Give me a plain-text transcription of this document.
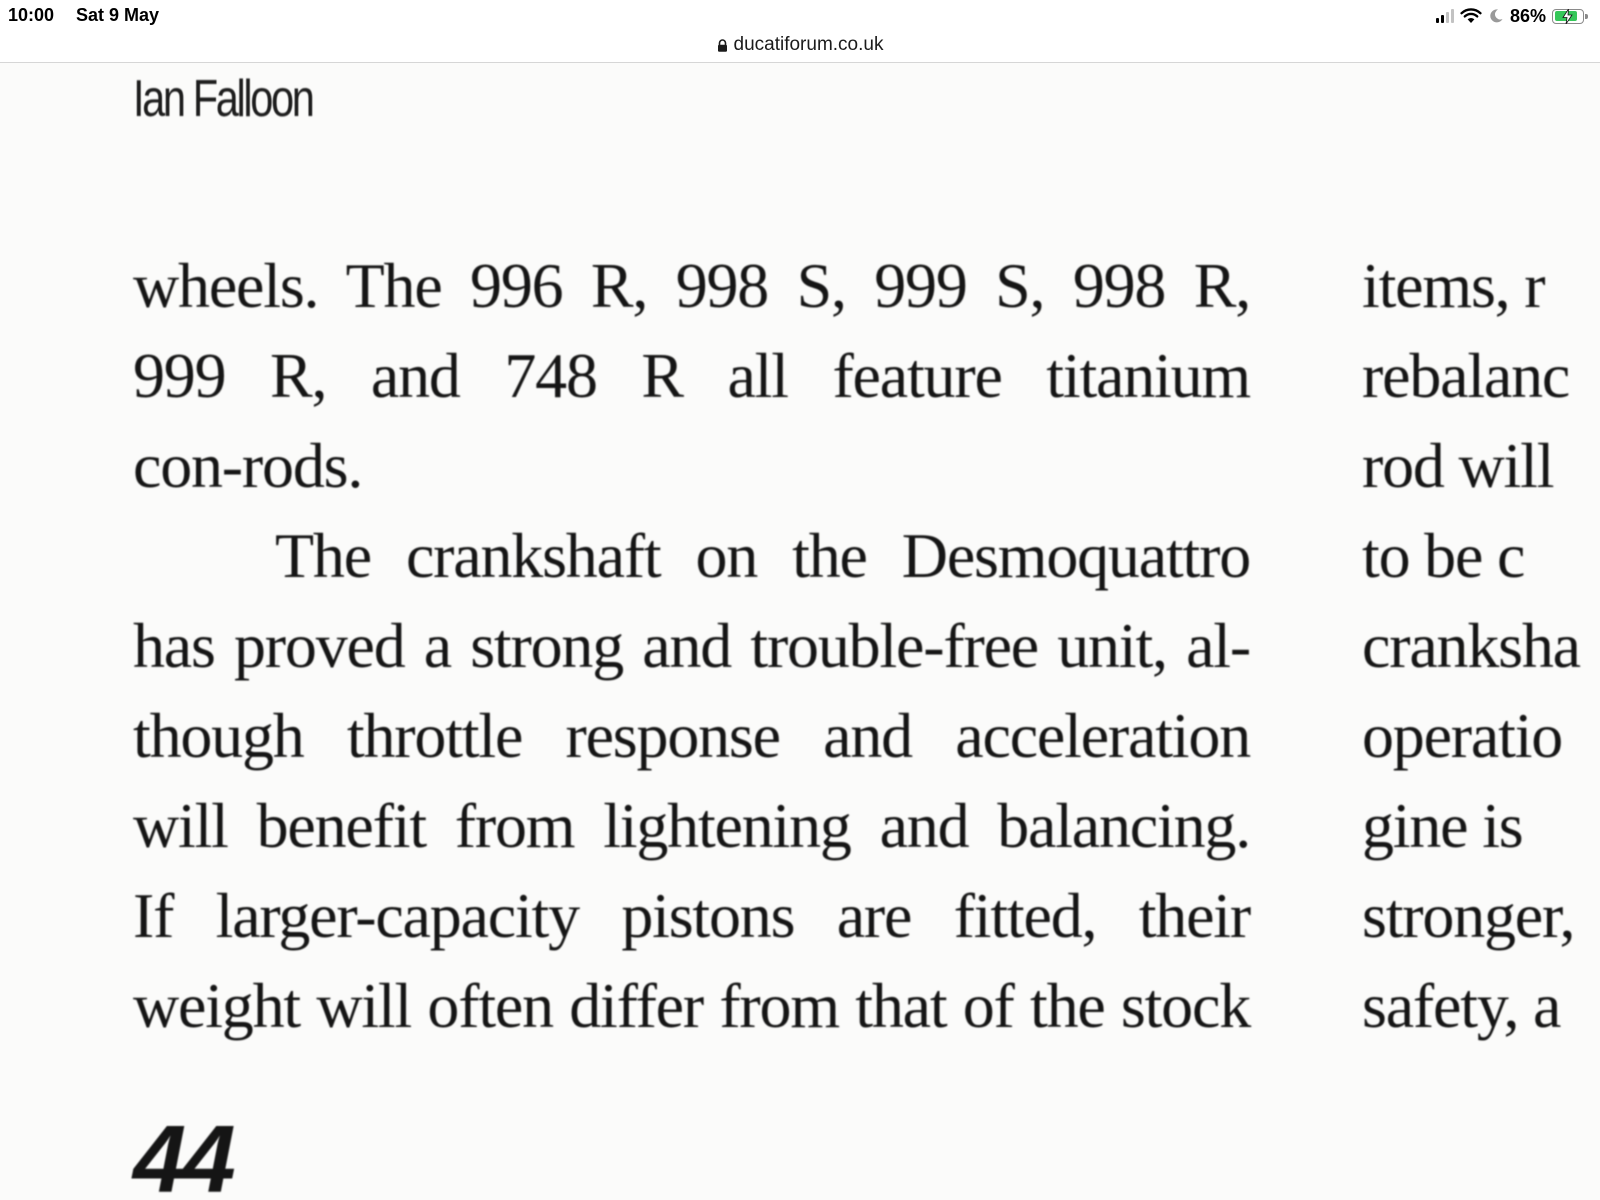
10:00 Sat 9 May	86%
ducatiforum.co.uk
Ian Falloon
wheels. The 996 R, 998 S, 999 S, 998 R,
999 R, and 748 R all feature titanium
con-rods.
The crankshaft on the Desmoquattro
has proved a strong and trouble-free unit, al-
though throttle response and acceleration
will benefit from lightening and balancing.
If larger-capacity pistons are fitted, their
weight will often differ from that of the stock
items, r
rebalanc
rod will
to be c
cranksha
operatio
gine is
stronger,
safety, a
44
